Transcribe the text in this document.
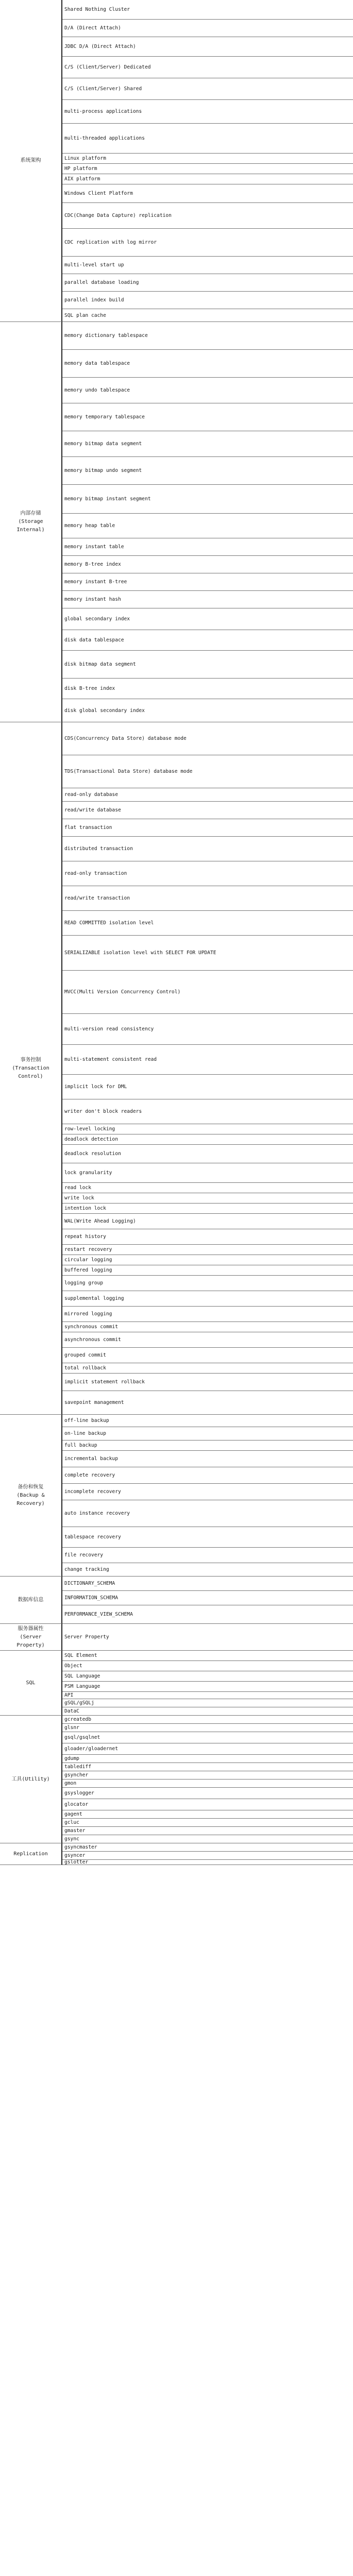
Shared Nothing Cluster
D/A (Direct Attach)
JDBC D/A (Direct Attach)
C/S (Client/Server) Dedicated
C/S (Client/Server) Shared
multi-process applications
multi-threaded applications
Linux platform
HP platform
AIX platform
Windows Client Platform
CDC(Change Data Capture) replication
CDC replication with log mirror
multi-level start up
parallel database loading
parallel index build
SQL plan cache
系统架构
memory dictionary tablespace
memory data tablespace
memory undo tablespace
memory temporary tablespace
memory bitmap data segment
memory bitmap undo segment
memory bitmap instant segment
memory heap table
memory instant table
memory B-tree index
memory instant B-tree
memory instant hash
global secondary index
disk data tablespace
disk bitmap data segment
disk B-tree index
disk global secondary index
内部存储
(Storage
Internal)
CDS(Concurrency Data Store) database mode
TDS(Transactional Data Store) database mode
read-only database
read/write database
flat transaction
distributed transaction
read-only transaction
read/write transaction
READ COMMITTED isolation level
SERIALIZABLE isolation level with SELECT FOR UPDATE
MVCC(Multi Version Concurrency Control)
multi-version read consistency
multi-statement consistent read
implicit lock for DML
writer don't block readers
row-level locking
deadlock detection
deadlock resolution
lock granularity
read lock
write lock
intention lock
WAL(Write Ahead Logging)
repeat history
restart recovery
circular logging
buffered logging
logging group
supplemental logging
mirrored logging
synchronous commit
asynchronous commit
grouped commit
total rollback
implicit statement rollback
savepoint management
事务控制
(Transaction
Control)
off-line backup
on-line backup
full backup
incremental backup
complete recovery
incomplete recovery
auto instance recovery
tablespace recovery
file recovery
change tracking
备份和恢复
(Backup &
Recovery)
DICTIONARY_SCHEMA
INFORMATION_SCHEMA
PERFORMANCE_VIEW_SCHEMA
数据库信息
Server Property
服务器属性
(Server
Property)
SQL Element
Object
SQL Language
PSM Language
API
gSQL/gSQLj
DataC
SQL
gcreatedb
glsnr
gsql/gsqlnet
gloader/gloadernet
gdump
tablediff
gsyncher
gmon
gsyslogger
glocator
gagent
gcluc
gmaster
gsync
工具(Utility)
gsyncmaster
gsyncer
gslotter
Replication
